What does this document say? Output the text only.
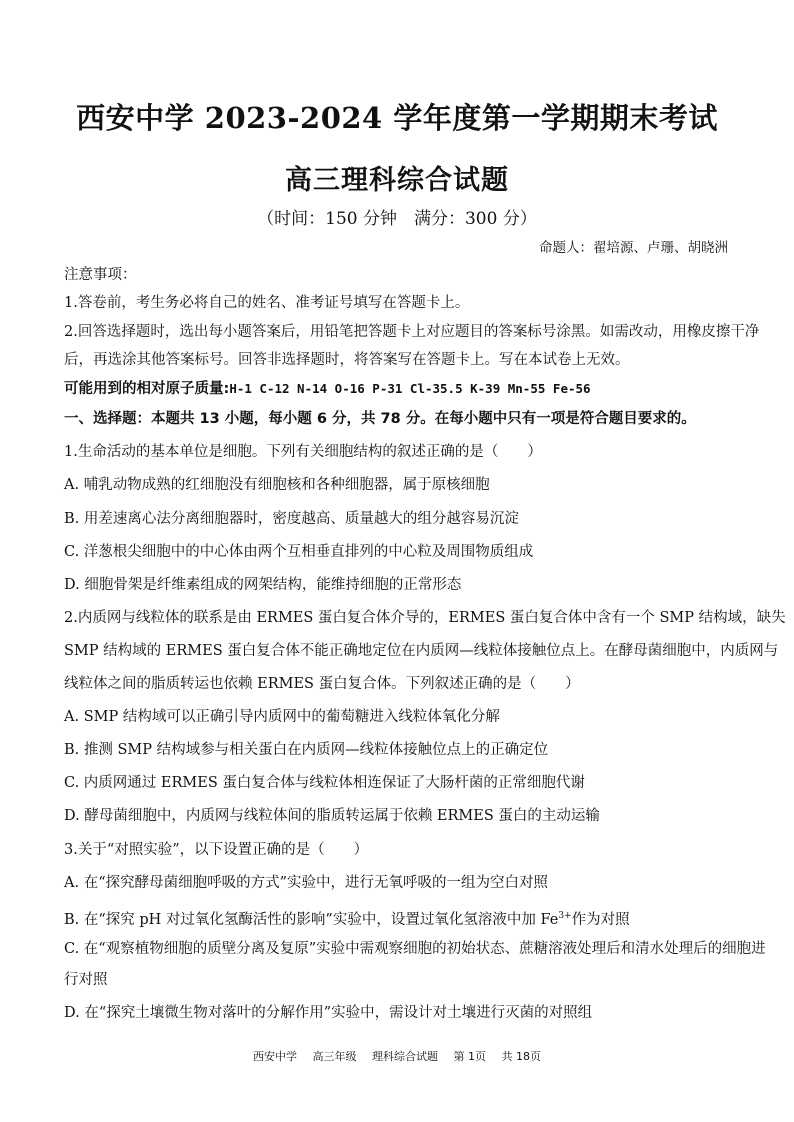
西安中学 2023-2024 学年度第一学期期末考试
高三理科综合试题
（时间：150 分钟　满分：300 分）
命题人：翟培源、卢珊、胡晓洲
注意事项：
1.答卷前，考生务必将自己的姓名、准考证号填写在答题卡上。
2.回答选择题时，选出每小题答案后，用铅笔把答题卡上对应题目的答案标号涂黑。如需改动，用橡皮擦干净
后，再选涂其他答案标号。回答非选择题时，将答案写在答题卡上。写在本试卷上无效。
可能用到的相对原子质量:H-1 C-12 N-14 O-16 P-31 Cl-35.5 K-39 Mn-55 Fe-56
一、选择题：本题共 13 小题，每小题 6 分，共 78 分。在每小题中只有一项是符合题目要求的。
1.生命活动的基本单位是细胞。下列有关细胞结构的叙述正确的是（　　）
A. 哺乳动物成熟的红细胞没有细胞核和各种细胞器，属于原核细胞
B. 用差速离心法分离细胞器时，密度越高、质量越大的组分越容易沉淀
C. 洋葱根尖细胞中的中心体由两个互相垂直排列的中心粒及周围物质组成
D. 细胞骨架是纤维素组成的网架结构，能维持细胞的正常形态
2.内质网与线粒体的联系是由 ERMES 蛋白复合体介导的，ERMES 蛋白复合体中含有一个 SMP 结构域，缺失
SMP 结构域的 ERMES 蛋白复合体不能正确地定位在内质网—线粒体接触位点上。在酵母菌细胞中，内质网与
线粒体之间的脂质转运也依赖 ERMES 蛋白复合体。下列叙述正确的是（　　）
A. SMP 结构域可以正确引导内质网中的葡萄糖进入线粒体氧化分解
B. 推测 SMP 结构域参与相关蛋白在内质网—线粒体接触位点上的正确定位
C. 内质网通过 ERMES 蛋白复合体与线粒体相连保证了大肠杆菌的正常细胞代谢
D. 酵母菌细胞中，内质网与线粒体间的脂质转运属于依赖 ERMES 蛋白的主动运输
3.关于“对照实验”，以下设置正确的是（　　）
A. 在“探究酵母菌细胞呼吸的方式”实验中，进行无氧呼吸的一组为空白对照
B. 在“探究 pH 对过氧化氢酶活性的影响”实验中，设置过氧化氢溶液中加 $Fe^{3+}$作为对照
C. 在“观察植物细胞的质壁分离及复原”实验中需观察细胞的初始状态、蔗糖溶液处理后和清水处理后的细胞进
行对照
D. 在“探究土壤微生物对落叶的分解作用”实验中，需设计对土壤进行灭菌的对照组
西安中学 高三年级 理科综合试题 第 1页 共 18页
